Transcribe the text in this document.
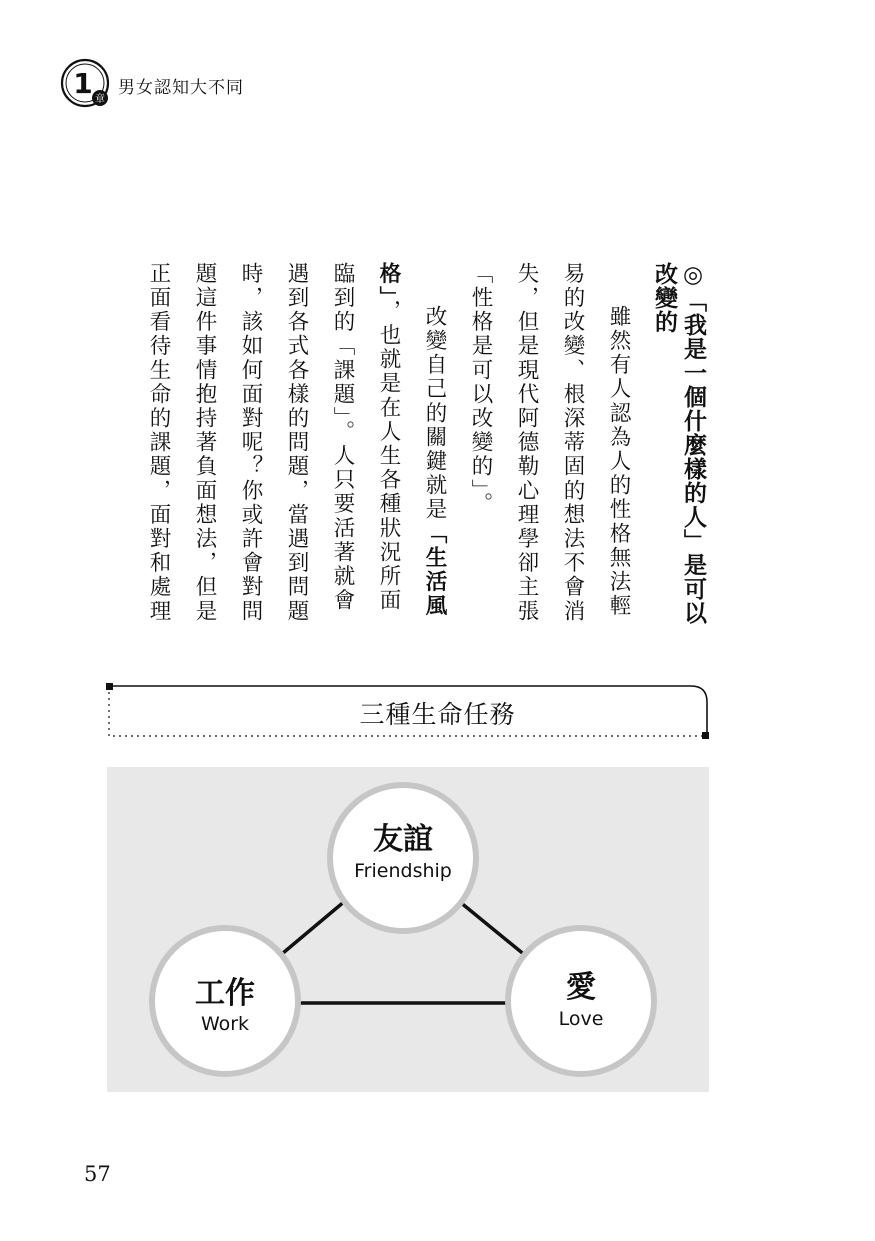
1 章
男女認知大不同
◎「我是一個什麼樣的人」是可以
改變的

雖然有人認為人的性格無法輕

易的改變、根深蒂固的想法不會消

失，但是現代阿德勒心理學卻主張

「性格是可以改變的」。

改變自己的關鍵就是「生活風

格」，也就是在人生各種狀況所面

臨到的「課題」。人只要活著就會

遇到各式各樣的問題，當遇到問題

時，該如何面對呢？你或許會對問

題這件事情抱持著負面想法，但是

正面看待生命的課題，面對和處理

三種生命任務
友誼
Friendship
工作
Work
愛
Love
57
